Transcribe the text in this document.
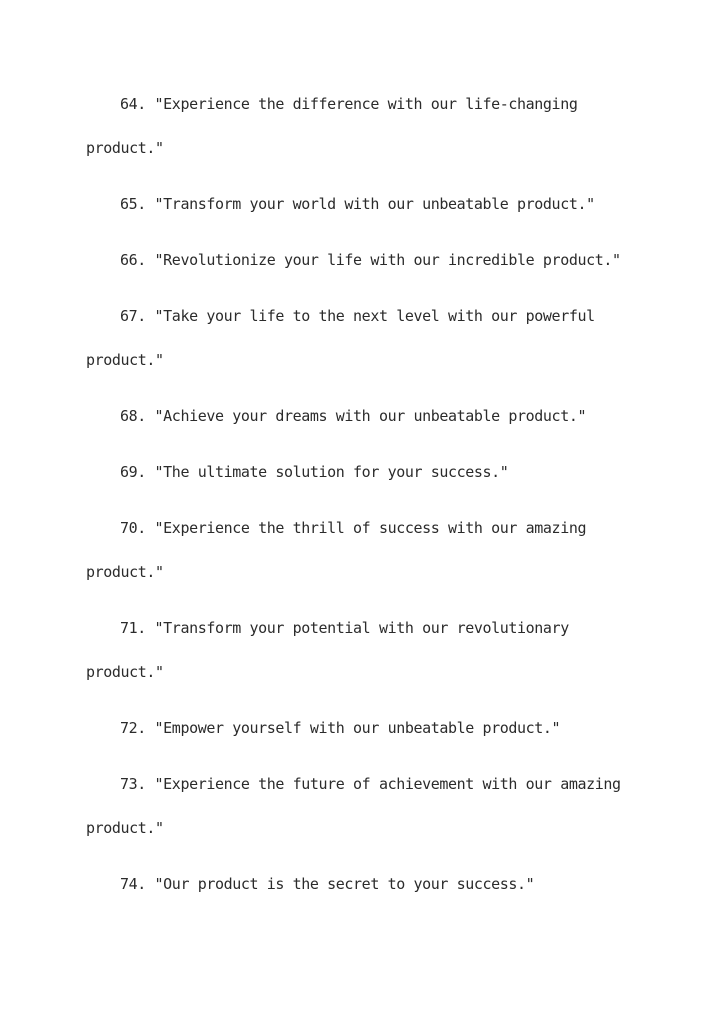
64. "Experience the difference with our life-changing product."

65. "Transform your world with our unbeatable product."

66. "Revolutionize your life with our incredible product."

67. "Take your life to the next level with our powerful product."

68. "Achieve your dreams with our unbeatable product."

69. "The ultimate solution for your success."

70. "Experience the thrill of success with our amazing product."

71. "Transform your potential with our revolutionary product."

72. "Empower yourself with our unbeatable product."

73. "Experience the future of achievement with our amazing product."

74. "Our product is the secret to your success."
